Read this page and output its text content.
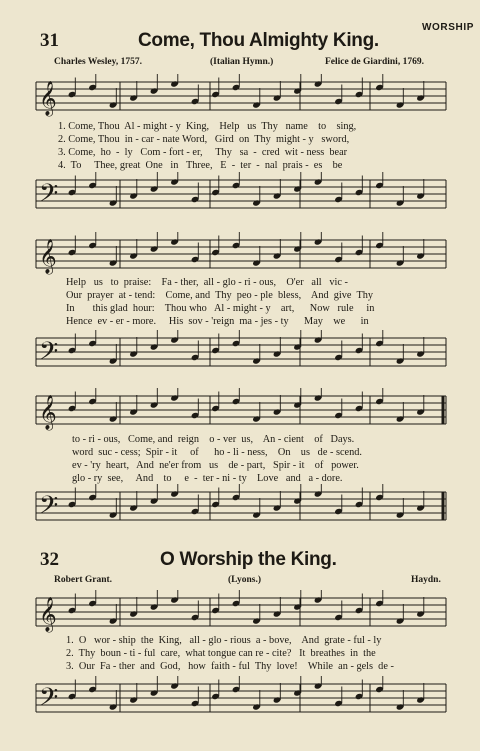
WORSHIP
31	Come, Thou Almighty King.
Charles Wesley, 1757.	(Italian Hymn.)	Felice de Giardini, 1769.
𝄞
1. Come, Thou  Al - might - y  King,    Help   us  Thy   name    to    sing,
2. Come, Thou  in - car - nate Word,   Gird  on  Thy  might - y   sword,
3. Come,  ho  -  ly   Com - fort - er,     Thy   sa  -  cred  wit - ness  bear
4.  To     Thee, great  One   in   Three,   E  -  ter  -  nal  prais -  es    be
𝄢
𝄞
Help   us   to  praise:    Fa - ther,  all - glo - ri - ous,    O'er   all   vic -
Our  prayer  at - tend:    Come, and  Thy  peo - ple  bless,    And  give  Thy
In       this glad  hour:    Thou who   Al - might - y    art,      Now   rule     in
Hence  ev - er - more.     His  sov - 'reign  ma - jes - ty      May    we      in
𝄢
𝄞
to - ri - ous,   Come, and  reign    o - ver  us,    An - cient    of   Days.
word  suc - cess;  Spir - it     of      ho - li - ness,    On    us   de - scend.
ev - 'ry  heart,   And  ne'er from   us    de - part,   Spir - it    of   power.
glo - ry  see,     And    to     e  -  ter - ni - ty    Love   and   a - dore.
𝄢
32	O Worship the King.
Robert Grant.	(Lyons.)	Haydn.
𝄞
1.  O   wor - ship  the  King,   all - glo - rious  a - bove,    And  grate - ful - ly
2.  Thy  boun - ti - ful  care,  what tongue can re - cite?   It  breathes  in  the
3.  Our  Fa - ther  and  God,   how  faith - ful  Thy  love!    While  an - gels  de -
𝄢
